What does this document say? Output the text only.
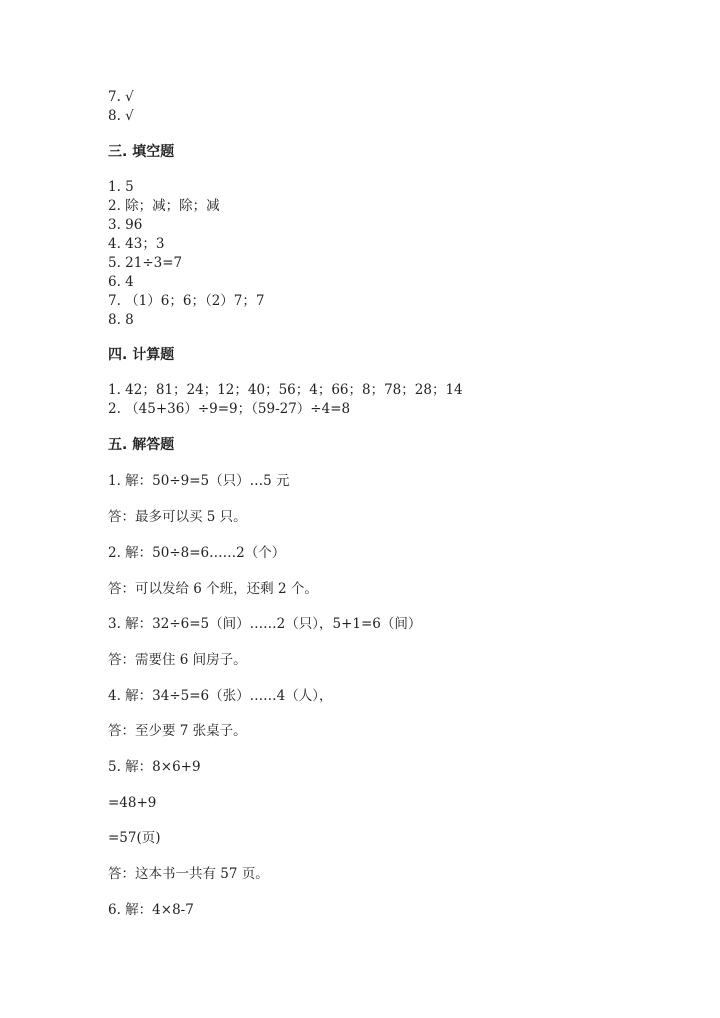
7. √
8. √
三. 填空题
1. 5
2. 除；减；除；减
3. 96
4. 43；3
5. 21÷3=7
6. 4
7. （1）6；6；（2）7；7
8. 8
四. 计算题
1. 42；81；24；12；40；56；4；66；8；78；28；14
2. （45+36）÷9=9；（59-27）÷4=8
五. 解答题
1. 解：50÷9=5（只）…5 元
答：最多可以买 5 只。
2. 解：50÷8=6……2（个）
答：可以发给 6 个班，还剩 2 个。
3. 解：32÷6=5（间）……2（只），5+1=6（间）
答：需要住 6 间房子。
4. 解：34÷5=6（张）……4（人），
答：至少要 7 张桌子。
5. 解：8×6+9
=48+9
=57(页)
答：这本书一共有 57 页。
6. 解：4×8-7
